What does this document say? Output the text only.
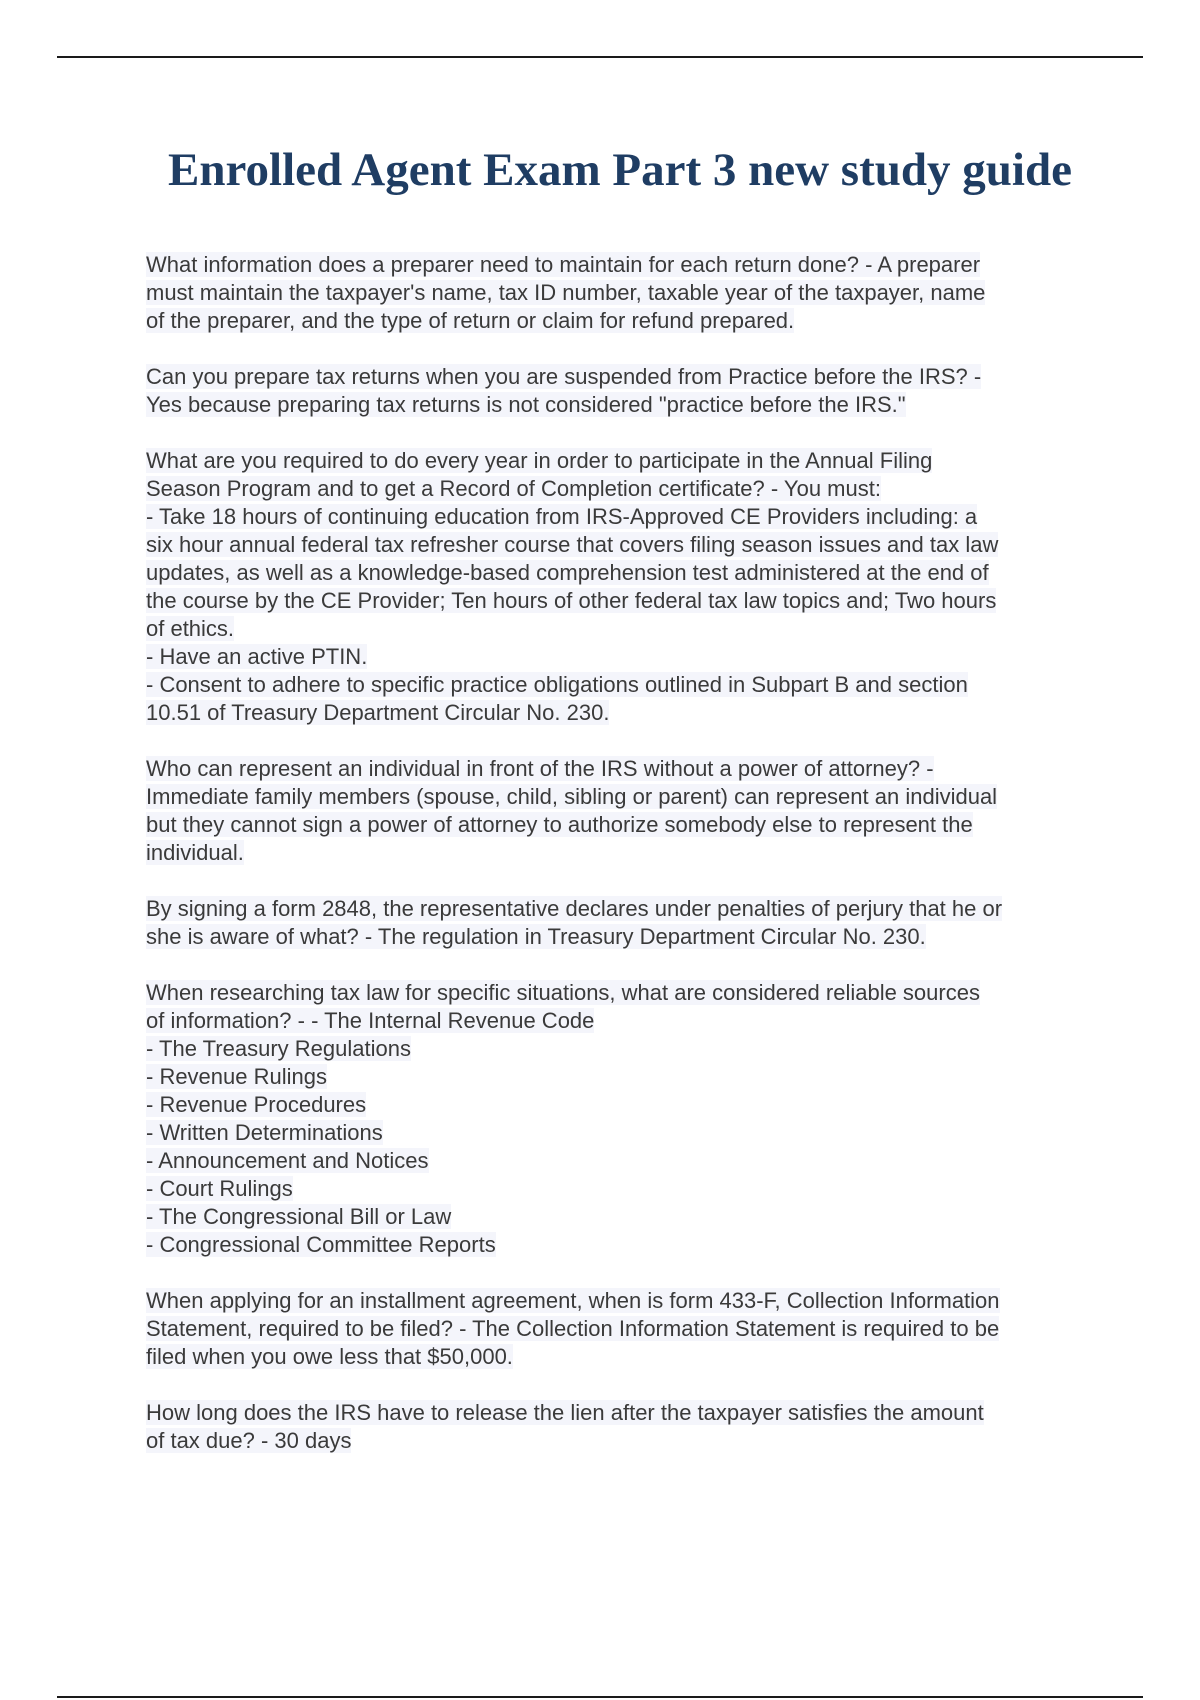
Enrolled Agent Exam Part 3 new study guide
What information does a preparer need to maintain for each return done? - A preparer
must maintain the taxpayer's name, tax ID number, taxable year of the taxpayer, name
of the preparer, and the type of return or claim for refund prepared.
Can you prepare tax returns when you are suspended from Practice before the IRS? -
Yes because preparing tax returns is not considered "practice before the IRS."
What are you required to do every year in order to participate in the Annual Filing
Season Program and to get a Record of Completion certificate? - You must:
- Take 18 hours of continuing education from IRS-Approved CE Providers including: a
six hour annual federal tax refresher course that covers filing season issues and tax law
updates, as well as a knowledge-based comprehension test administered at the end of
the course by the CE Provider; Ten hours of other federal tax law topics and; Two hours
of ethics.
- Have an active PTIN.
- Consent to adhere to specific practice obligations outlined in Subpart B and section
10.51 of Treasury Department Circular No. 230.
Who can represent an individual in front of the IRS without a power of attorney? -
Immediate family members (spouse, child, sibling or parent) can represent an individual
but they cannot sign a power of attorney to authorize somebody else to represent the
individual.
By signing a form 2848, the representative declares under penalties of perjury that he or
she is aware of what? - The regulation in Treasury Department Circular No. 230.
When researching tax law for specific situations, what are considered reliable sources
of information? - - The Internal Revenue Code
- The Treasury Regulations
- Revenue Rulings
- Revenue Procedures
- Written Determinations
- Announcement and Notices
- Court Rulings
- The Congressional Bill or Law
- Congressional Committee Reports
When applying for an installment agreement, when is form 433-F, Collection Information
Statement, required to be filed? - The Collection Information Statement is required to be
filed when you owe less that $50,000.
How long does the IRS have to release the lien after the taxpayer satisfies the amount
of tax due? - 30 days
